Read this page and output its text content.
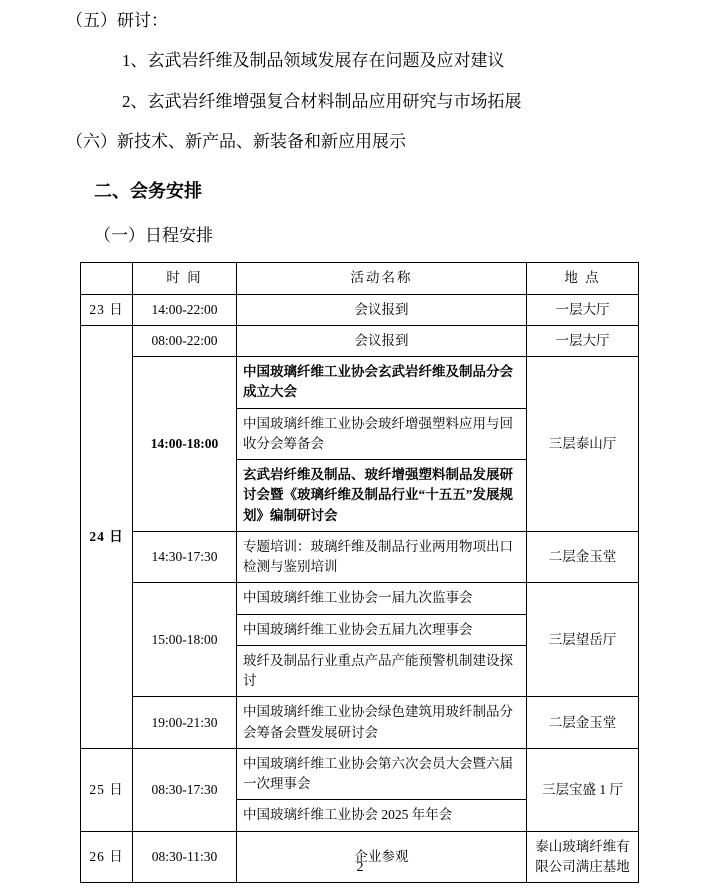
（五）研讨：

1、玄武岩纤维及制品领域发展存在问题及应对建议

2、玄武岩纤维增强复合材料制品应用研究与市场拓展

（六）新技术、新产品、新装备和新应用展示

二、会务安排

（一）日程安排

	时 间	活动名称	地 点
23 日	14:00-22:00	会议报到	一层大厅
24 日	08:00-22:00	会议报到	一层大厅
	14:00-18:00	中国玻璃纤维工业协会玄武岩纤维及制品分会成立大会	三层泰山厅
		中国玻璃纤维工业协会玻纤增强塑料应用与回收分会筹备会	
		玄武岩纤维及制品、玻纤增强塑料制品发展研讨会暨《玻璃纤维及制品行业“十五五”发展规划》编制研讨会	
	14:30-17:30	专题培训：玻璃纤维及制品行业两用物项出口检测与鉴别培训	二层金玉堂
	15:00-18:00	中国玻璃纤维工业协会一届九次监事会	三层望岳厅
		中国玻璃纤维工业协会五届九次理事会	
		玻纤及制品行业重点产品产能预警机制建设探讨	
	19:00-21:30	中国玻璃纤维工业协会绿色建筑用玻纤制品分会筹备会暨发展研讨会	二层金玉堂
25 日	08:30-17:30	中国玻璃纤维工业协会第六次会员大会暨六届一次理事会	三层宝盛 1 厅
		中国玻璃纤维工业协会 2025 年年会	
26 日	08:30-11:30	企业参观	泰山玻璃纤维有限公司满庄基地
2
